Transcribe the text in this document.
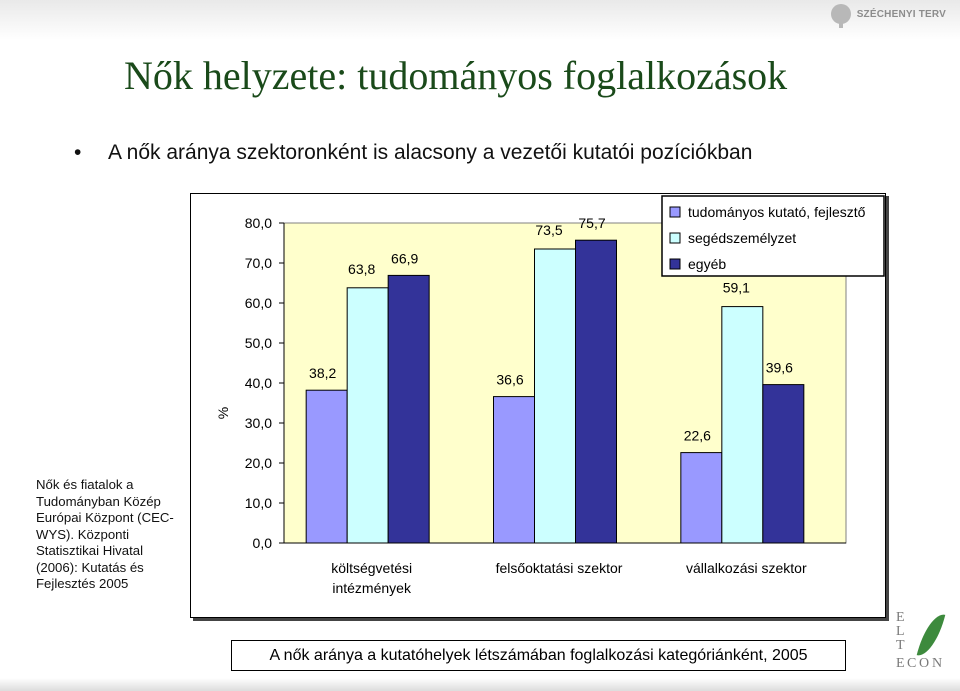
SZÉCHENYI TERV
Nők helyzete: tudományos foglalkozások
• A nők aránya szektoronként is alacsony a vezetői kutatói pozíciókban
0,0
10,0
20,0
30,0
40,0
50,0
60,0
70,0
80,0
%
38,2
63,8
66,9
költségvetési
intézmények
36,6
73,5 75,7
felsőoktatási szektor
22,6
59,1
39,6
vállalkozási szektor
tudományos kutató, fejlesztő
segédszemélyzet
egyéb
Nők és fiatalok a Tudományban Közép Európai Központ (CEC-WYS). Központi Statisztikai Hivatal (2006): Kutatás és Fejlesztés 2005
A nők aránya a kutatóhelyek létszámában foglalkozási kategóriánként, 2005
E
L
T
E C O N
